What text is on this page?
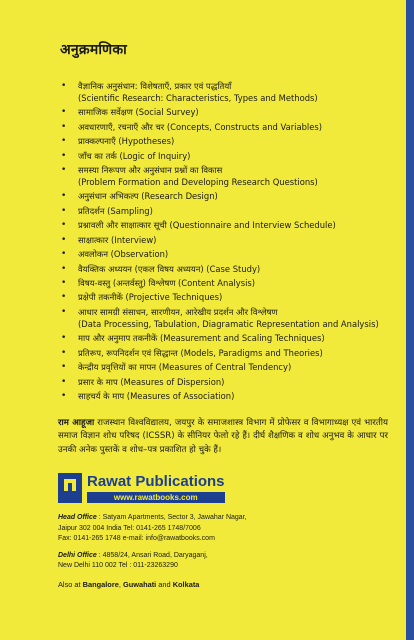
अनुक्रमणिका
• वैज्ञानिक अनुसंधान: विशेषताएँ, प्रकार एवं पद्धतियाँ
(Scientific Research: Characteristics, Types and Methods)
• सामाजिक सर्वेक्षण (Social Survey)
• अवधारणाएँ, रचनाएँ और चर (Concepts, Constructs and Variables)
• प्राक्कल्पनाएँ (Hypotheses)
• जाँच का तर्क (Logic of Inquiry)
• समस्या निरूपण और अनुसंधान प्रश्नों का विकास
(Problem Formation and Developing Research Questions)
• अनुसंधान अभिकल्प (Research Design)
• प्रतिदर्शन (Sampling)
• प्रश्नावली और साक्षात्कार सूची (Questionnaire and Interview Schedule)
• साक्षात्कार (Interview)
• अवलोकन (Observation)
• वैयक्तिक अध्ययन (एकल विषय अध्ययन) (Case Study)
• विषय-वस्तु (अन्तर्वस्तु) विश्लेषण (Content Analysis)
• प्रक्षेपी तकनीकें (Projective Techniques)
• आधार सामग्री संसाधन, सारणीयन, आरेखीय प्रदर्शन और विश्लेषण
(Data Processing, Tabulation, Diagramatic Representation and Analysis)
• माप और अनुमाप तकनीकें (Measurement and Scaling Techniques)
• प्रतिरूप, रूपनिदर्शन एवं सिद्धान्त (Models, Paradigms and Theories)
• केन्द्रीय प्रवृत्तियों का मापन (Measures of Central Tendency)
• प्रसार के माप (Measures of Dispersion)
• साहचर्य के माप (Measures of Association)
राम आहूजा राजस्थान विश्वविद्यालय, जयपुर के समाजशास्त्र विभाग में प्रोफेसर व विभागाध्यक्ष एवं भारतीय समाज विज्ञान शोध परिषद (ICSSR) के सीनियर फेलो रहे हैं। दीर्घ शैक्षणिक व शोध अनुभव के आधार पर उनकी अनेक पुस्तकें व शोध–पत्र प्रकाशित हो चुके हैं।
Rawat Publications
www.rawatbooks.com
Head Office : Satyam Apartments, Sector 3, Jawahar Nagar,
Jaipur 302 004 India Tel: 0141-265 1748/7006
Fax: 0141-265 1748 e-mail: info@rawatbooks.com
Delhi Office : 4858/24, Ansari Road, Daryaganj,
New Delhi 110 002 Tel : 011-23263290
Also at Bangalore, Guwahati and Kolkata
